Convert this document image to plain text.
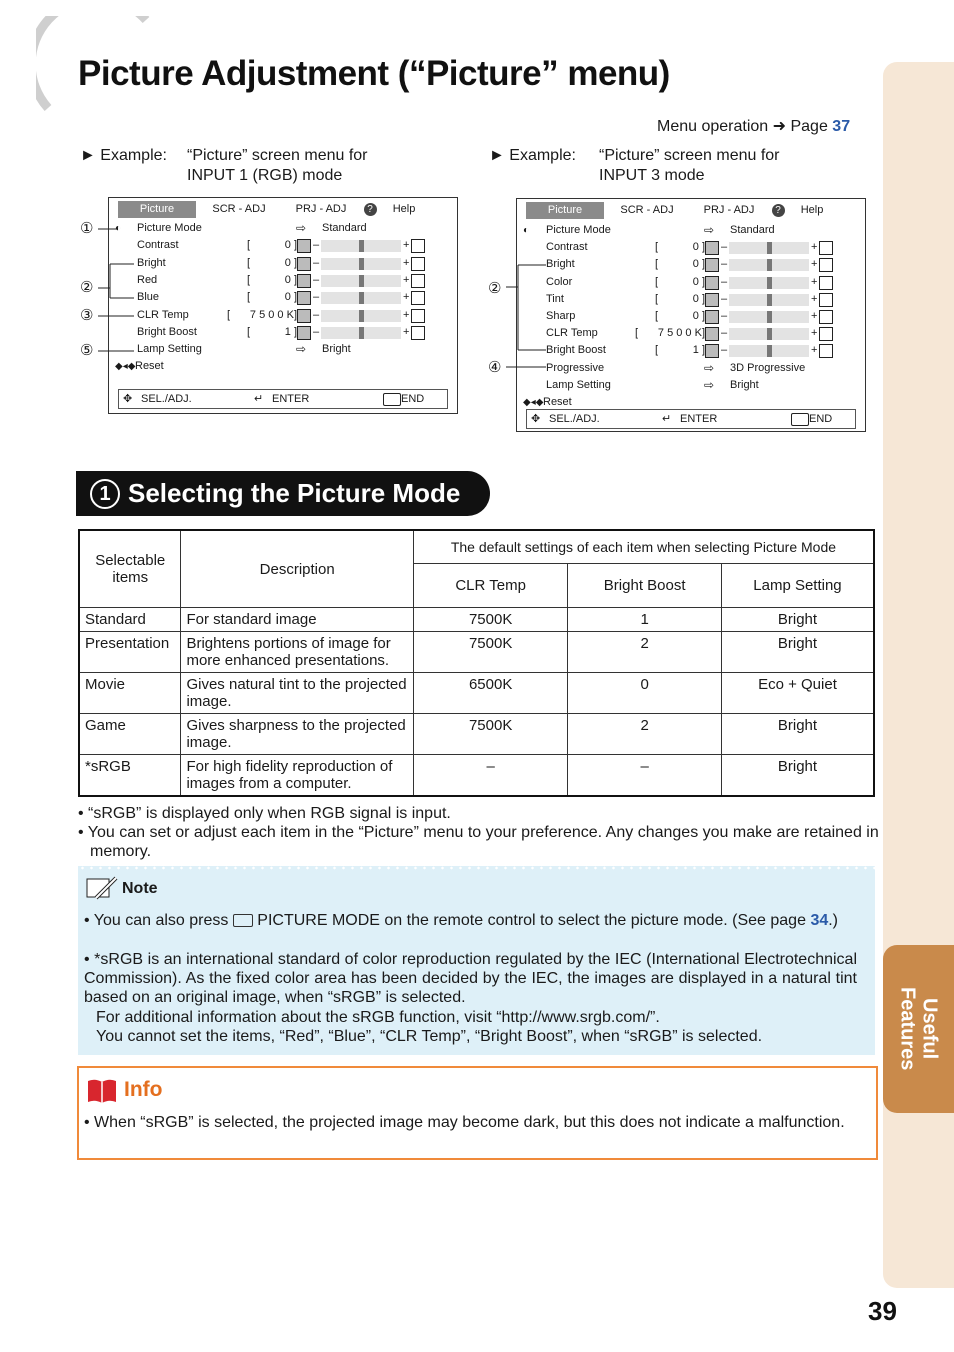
Picture Adjustment (“Picture” menu)
Useful
Features
39
Menu operation ➜ Page 37
► Example: “Picture” screen menu for
INPUT 1 (RGB) mode
► Example: “Picture” screen menu for
INPUT 3 mode
Picture	SCR - ADJ	PRJ - ADJ	?	Help
◐ Picture Mode	⇨ Standard
Contrast	[	0 ] –	+
Bright	[	0 ] –	+
Red	[	0 ] –	+
Blue	[	0 ] –	+
CLR Temp	[ 7 5 0 0 K] –	+
Bright Boost	[	1 ] –	+
Lamp Setting	⇨ Bright
◆◂◆ Reset
✥ SEL./ADJ.	↵ ENTER	END
①
②
③
⑤
Picture	SCR - ADJ	PRJ - ADJ	?	Help
◐ Picture Mode	⇨ Standard
Contrast	[	0 ] –	+
Bright	[	0 ] –	+
Color	[	0 ] –	+
Tint	[	0 ] –	+
Sharp	[	0 ] –	+
CLR Temp	[ 7 5 0 0 K] –	+
Bright Boost	[	1 ] –	+
Progressive	⇨ 3D Progressive
Lamp Setting	⇨ Bright
◆◂◆ Reset
✥ SEL./ADJ.	↵ ENTER	END
②
④
1 Selecting the Picture Mode
Selectable items	Description	The default settings of each item when selecting Picture Mode		
		CLR Temp	Bright Boost	Lamp Setting
Standard	For standard image	7500K	1	Bright
Presentation	Brightens portions of image for more enhanced presentations.	7500K	2	Bright
Movie	Gives natural tint to the projected image.	6500K	0	Eco + Quiet
Game	Gives sharpness to the projected image.	7500K	2	Bright
*sRGB	For high fidelity reproduction of images from a computer.	–	–	Bright
• “sRGB” is displayed only when RGB signal is input.
• You can set or adjust each item in the “Picture” menu to your preference. Any changes you make are retained in memory.
Note
• You can also press PICTURE MODE on the remote control to select the picture mode. (See page 34.)
• *sRGB is an international standard of color reproduction regulated by the IEC (International Electrotechnical Commission). As the fixed color area has been decided by the IEC, the images are displayed in a natural tint based on an original image, when “sRGB” is selected.
For additional information about the sRGB function, visit “http://www.srgb.com/”.
You cannot set the items, “Red”, “Blue”, “CLR Temp”, “Bright Boost”, when “sRGB” is selected.
Info
• When “sRGB” is selected, the projected image may become dark, but this does not indicate a malfunction.
